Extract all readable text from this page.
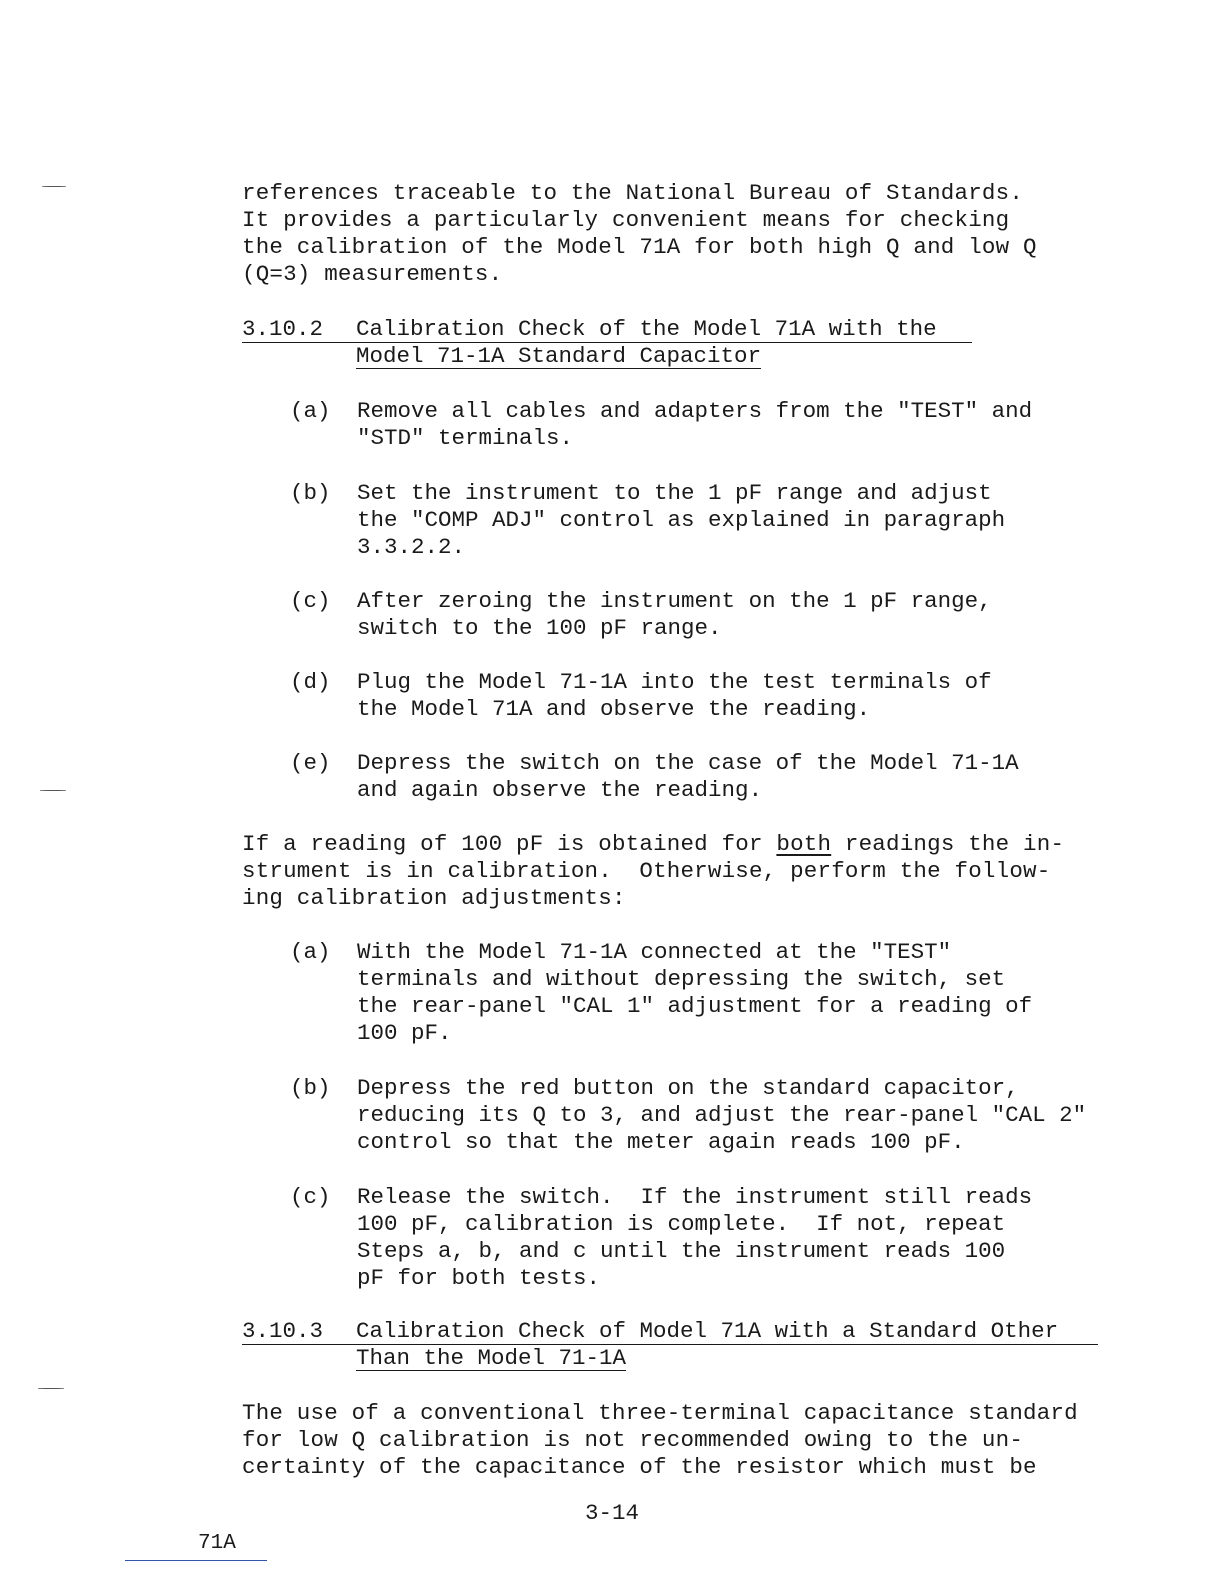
references traceable to the National Bureau of Standards.
It provides a particularly convenient means for checking
the calibration of the Model 71A for both high Q and low Q
(Q=3) measurements.
3.10.2 Calibration Check of the Model 71A with the
Model 71-1A Standard Capacitor
(a) Remove all cables and adapters from the "TEST" and
"STD" terminals.
(b) Set the instrument to the 1 pF range and adjust
the "COMP ADJ" control as explained in paragraph
3.3.2.2.
(c) After zeroing the instrument on the 1 pF range,
switch to the 100 pF range.
(d) Plug the Model 71-1A into the test terminals of
the Model 71A and observe the reading.
(e) Depress the switch on the case of the Model 71-1A
and again observe the reading.
If a reading of 100 pF is obtained for both readings the in-
strument is in calibration.  Otherwise, perform the follow-
ing calibration adjustments:
(a) With the Model 71-1A connected at the "TEST"
terminals and without depressing the switch, set
the rear-panel "CAL 1" adjustment for a reading of
100 pF.
(b) Depress the red button on the standard capacitor,
reducing its Q to 3, and adjust the rear-panel "CAL 2"
control so that the meter again reads 100 pF.
(c) Release the switch.  If the instrument still reads
100 pF, calibration is complete.  If not, repeat
Steps a, b, and c until the instrument reads 100
pF for both tests.
3.10.3 Calibration Check of Model 71A with a Standard Other
Than the Model 71-1A
The use of a conventional three-terminal capacitance standard
for low Q calibration is not recommended owing to the un-
certainty of the capacitance of the resistor which must be
3-14
71A
